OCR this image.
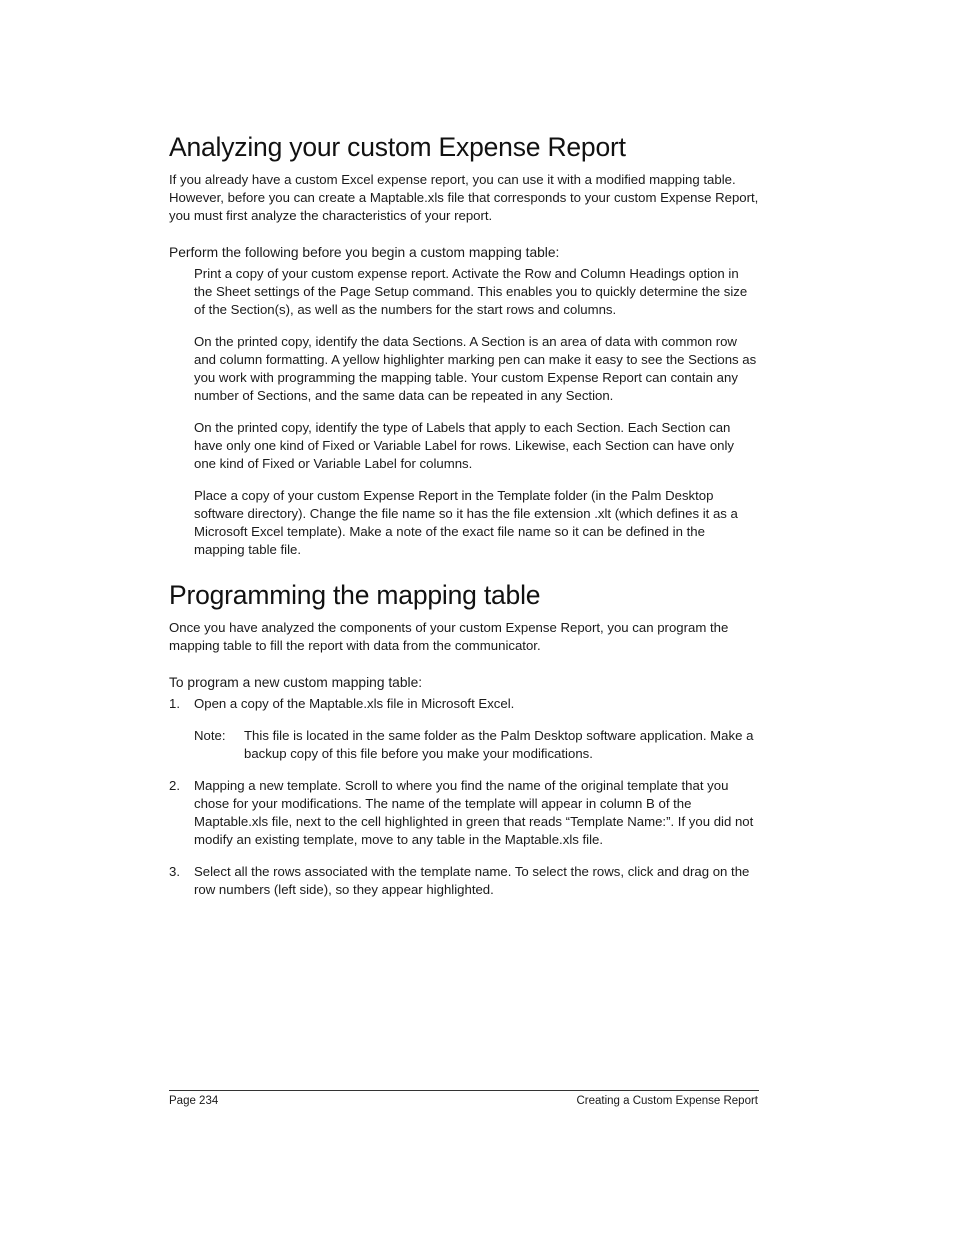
Analyzing your custom Expense Report

If you already have a custom Excel expense report, you can use it with a modified mapping table. However, before you can create a Maptable.xls file that corresponds to your custom Expense Report, you must first analyze the characteristics of your report.

Perform the following before you begin a custom mapping table:

Print a copy of your custom expense report. Activate the Row and Column Headings option in the Sheet settings of the Page Setup command. This enables you to quickly determine the size of the Section(s), as well as the numbers for the start rows and columns.

On the printed copy, identify the data Sections. A Section is an area of data with common row and column formatting. A yellow highlighter marking pen can make it easy to see the Sections as you work with programming the mapping table. Your custom Expense Report can contain any number of Sections, and the same data can be repeated in any Section.

On the printed copy, identify the type of Labels that apply to each Section. Each Section can have only one kind of Fixed or Variable Label for rows. Likewise, each Section can have only one kind of Fixed or Variable Label for columns.

Place a copy of your custom Expense Report in the Template folder (in the Palm Desktop software directory). Change the file name so it has the file extension .xlt (which defines it as a Microsoft Excel template). Make a note of the exact file name so it can be defined in the mapping table file.

Programming the mapping table

Once you have analyzed the components of your custom Expense Report, you can program the mapping table to fill the report with data from the communicator.

To program a new custom mapping table:
1.	Open a copy of the Maptable.xls file in Microsoft Excel.
Note:	This file is located in the same folder as the Palm Desktop software application. Make a backup copy of this file before you make your modifications.
2.	Mapping a new template. Scroll to where you find the name of the original template that you chose for your modifications. The name of the template will appear in column B of the Maptable.xls file, next to the cell highlighted in green that reads “Template Name:”. If you did not modify an existing template, move to any table in the Maptable.xls file.
3.	Select all the rows associated with the template name. To select the rows, click and drag on the row numbers (left side), so they appear highlighted.
Page 234	Creating a Custom Expense Report
